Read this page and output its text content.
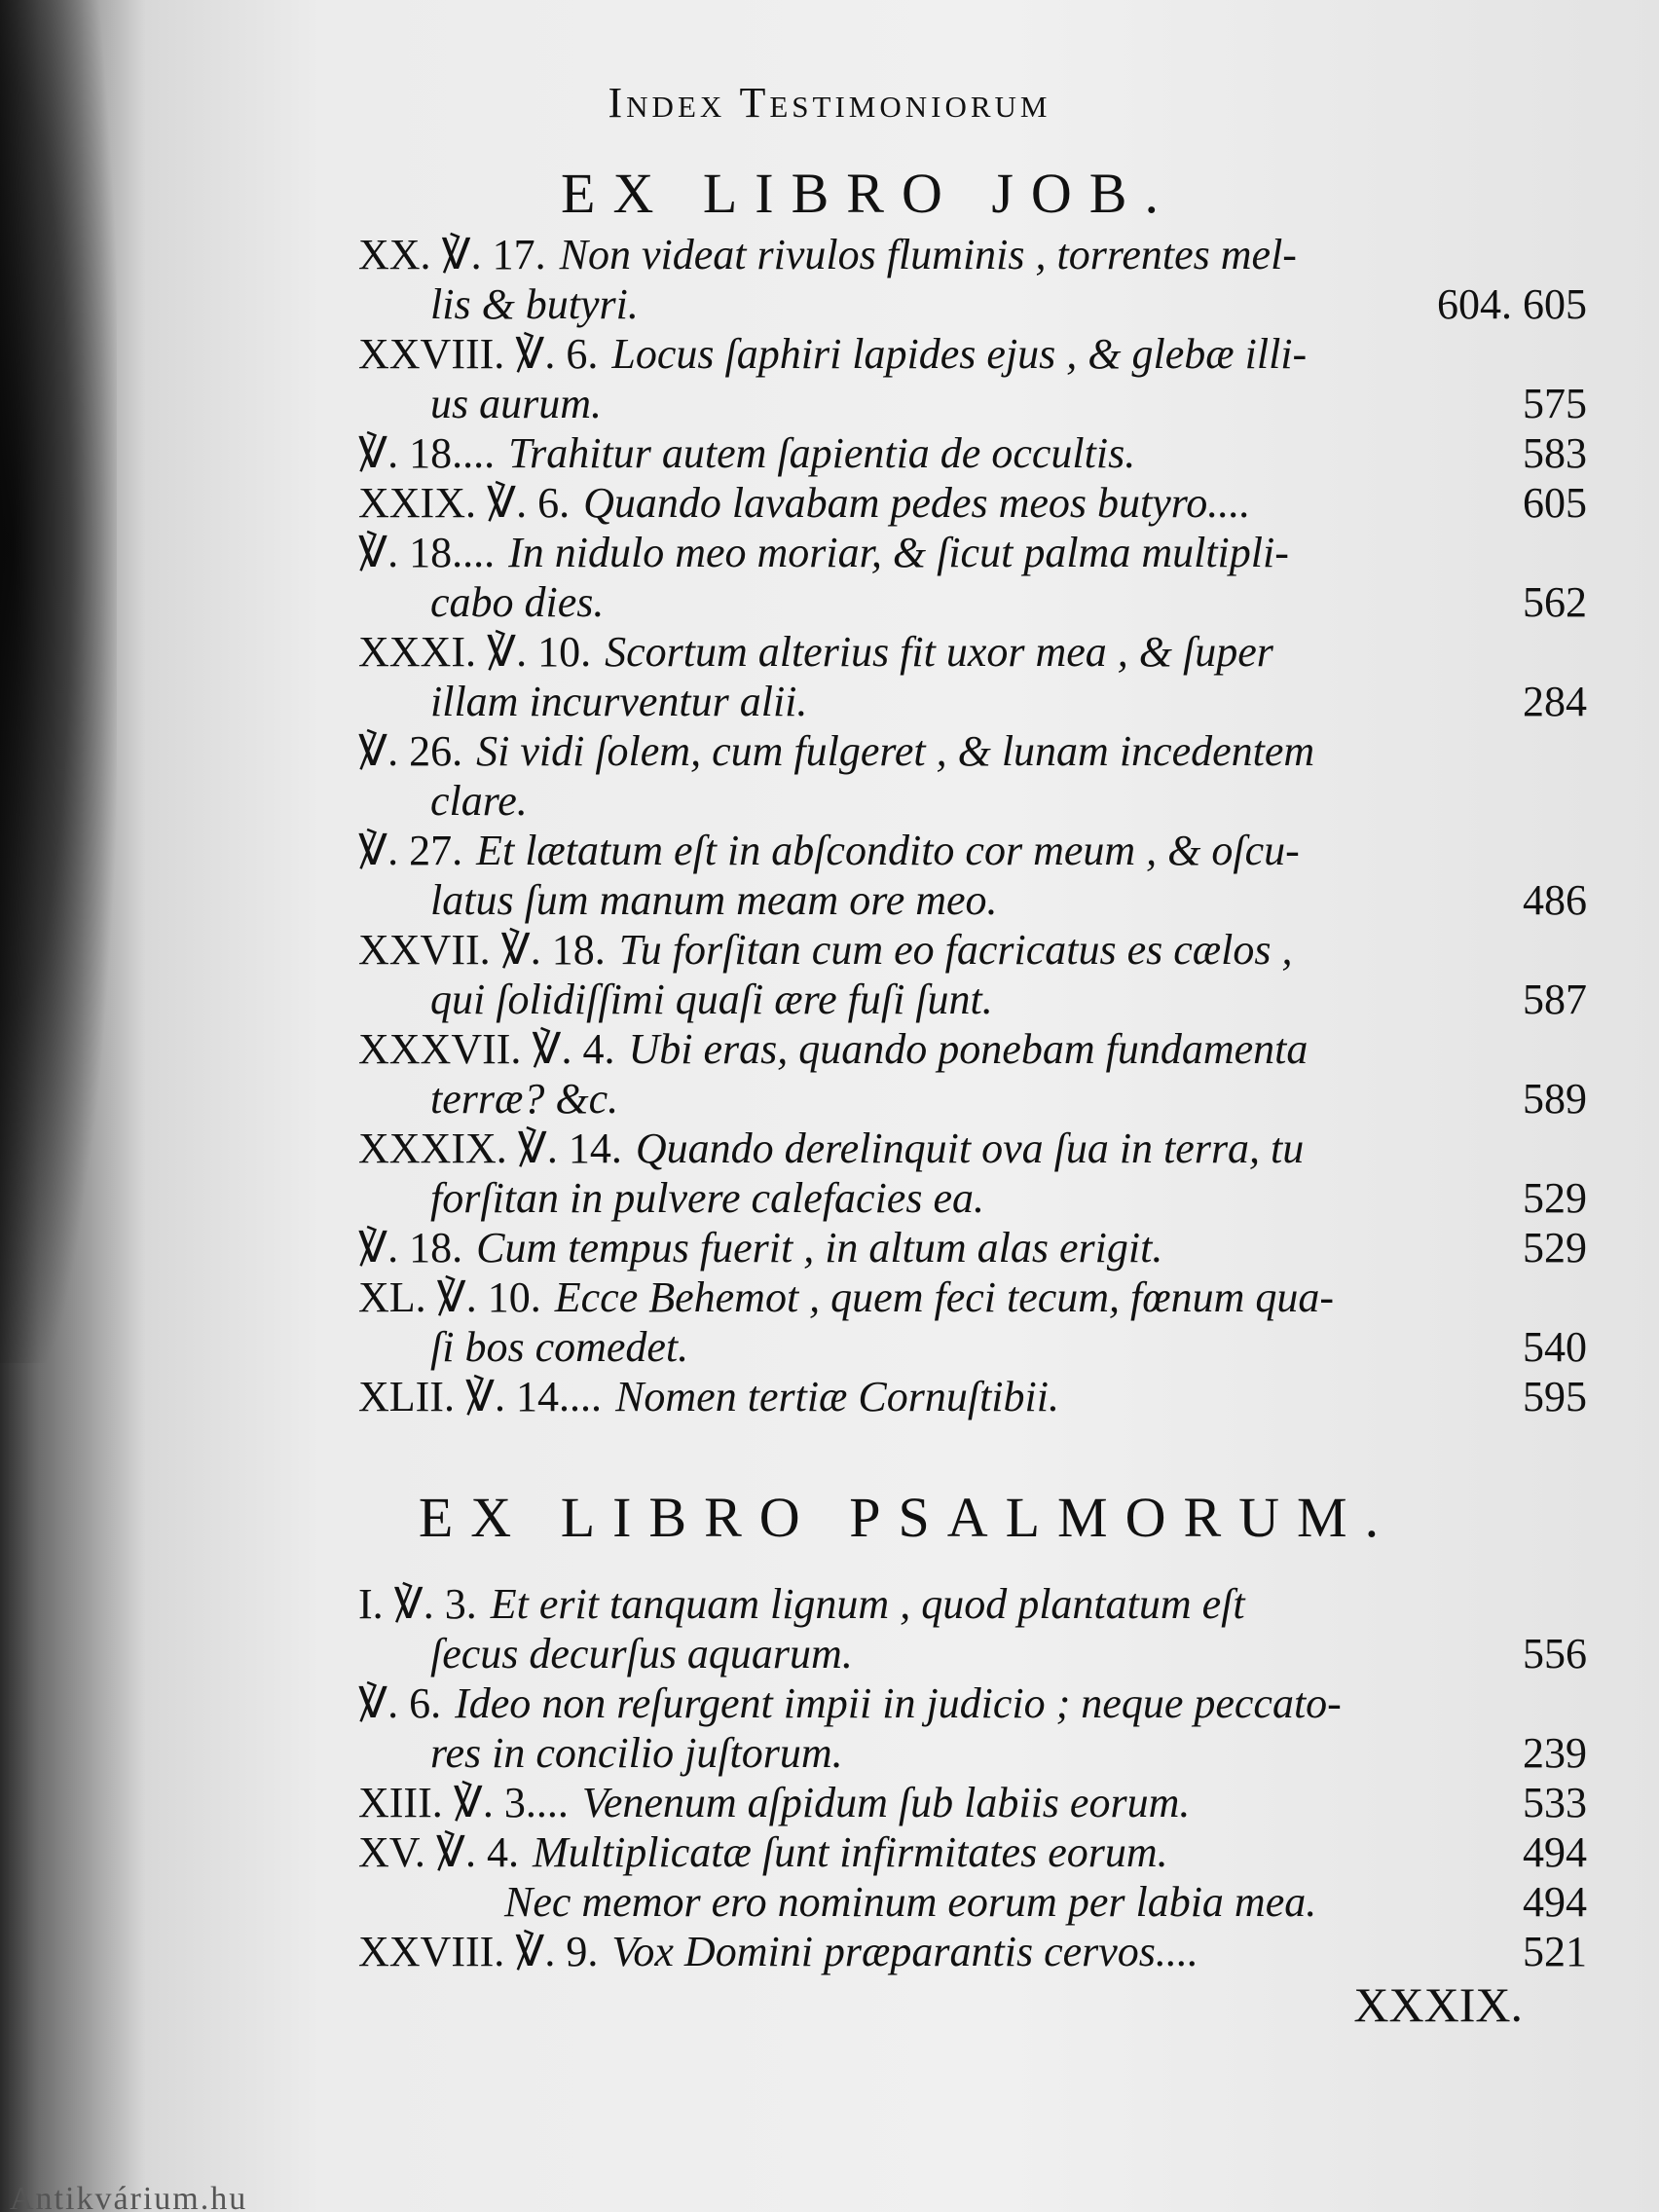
Index Testimoniorum
EX LIBRO JOB.
XX. ℣. 17. Non videat rivulos fluminis , torrentes mel-
lis & butyri.	604. 605
XXVIII. ℣. 6. Locus ſaphiri lapides ejus , & glebæ illi-
us aurum.	575
℣. 18.... Trahitur autem ſapientia de occultis.	583
XXIX. ℣. 6. Quando lavabam pedes meos butyro....	605
℣. 18.... In nidulo meo moriar, & ſicut palma multipli-
cabo dies.	562
XXXI. ℣. 10. Scortum alterius fit uxor mea , & ſuper
illam incurventur alii.	284
℣. 26. Si vidi ſolem, cum fulgeret , & lunam incedentem
clare.
℣. 27. Et lætatum eſt in abſcondito cor meum , & oſcu-
latus ſum manum meam ore meo.	486
XXVII. ℣. 18. Tu forſitan cum eo facricatus es cælos ,
qui ſolidiſſimi quaſi ære fuſi ſunt.	587
XXXVII. ℣. 4. Ubi eras, quando ponebam fundamenta
terræ? &c.	589
XXXIX. ℣. 14. Quando derelinquit ova ſua in terra, tu
forſitan in pulvere calefacies ea.	529
℣. 18. Cum tempus fuerit , in altum alas erigit.	529
XL. ℣. 10. Ecce Behemot , quem feci tecum, fœnum qua-
ſi bos comedet.	540
XLII. ℣. 14.... Nomen tertiæ Cornuſtibii.	595
EX LIBRO PSALMORUM.
I. ℣. 3. Et erit tanquam lignum , quod plantatum eſt
ſecus decurſus aquarum.	556
℣. 6. Ideo non reſurgent impii in judicio ; neque peccato-
res in concilio juſtorum.	239
XIII. ℣. 3.... Venenum aſpidum ſub labiis eorum.	533
XV. ℣. 4. Multiplicatæ ſunt infirmitates eorum.	494
Nec memor ero nominum eorum per labia mea.	494
XXVIII. ℣. 9. Vox Domini præparantis cervos....	521
XXXIX.
Antikvárium.hu
